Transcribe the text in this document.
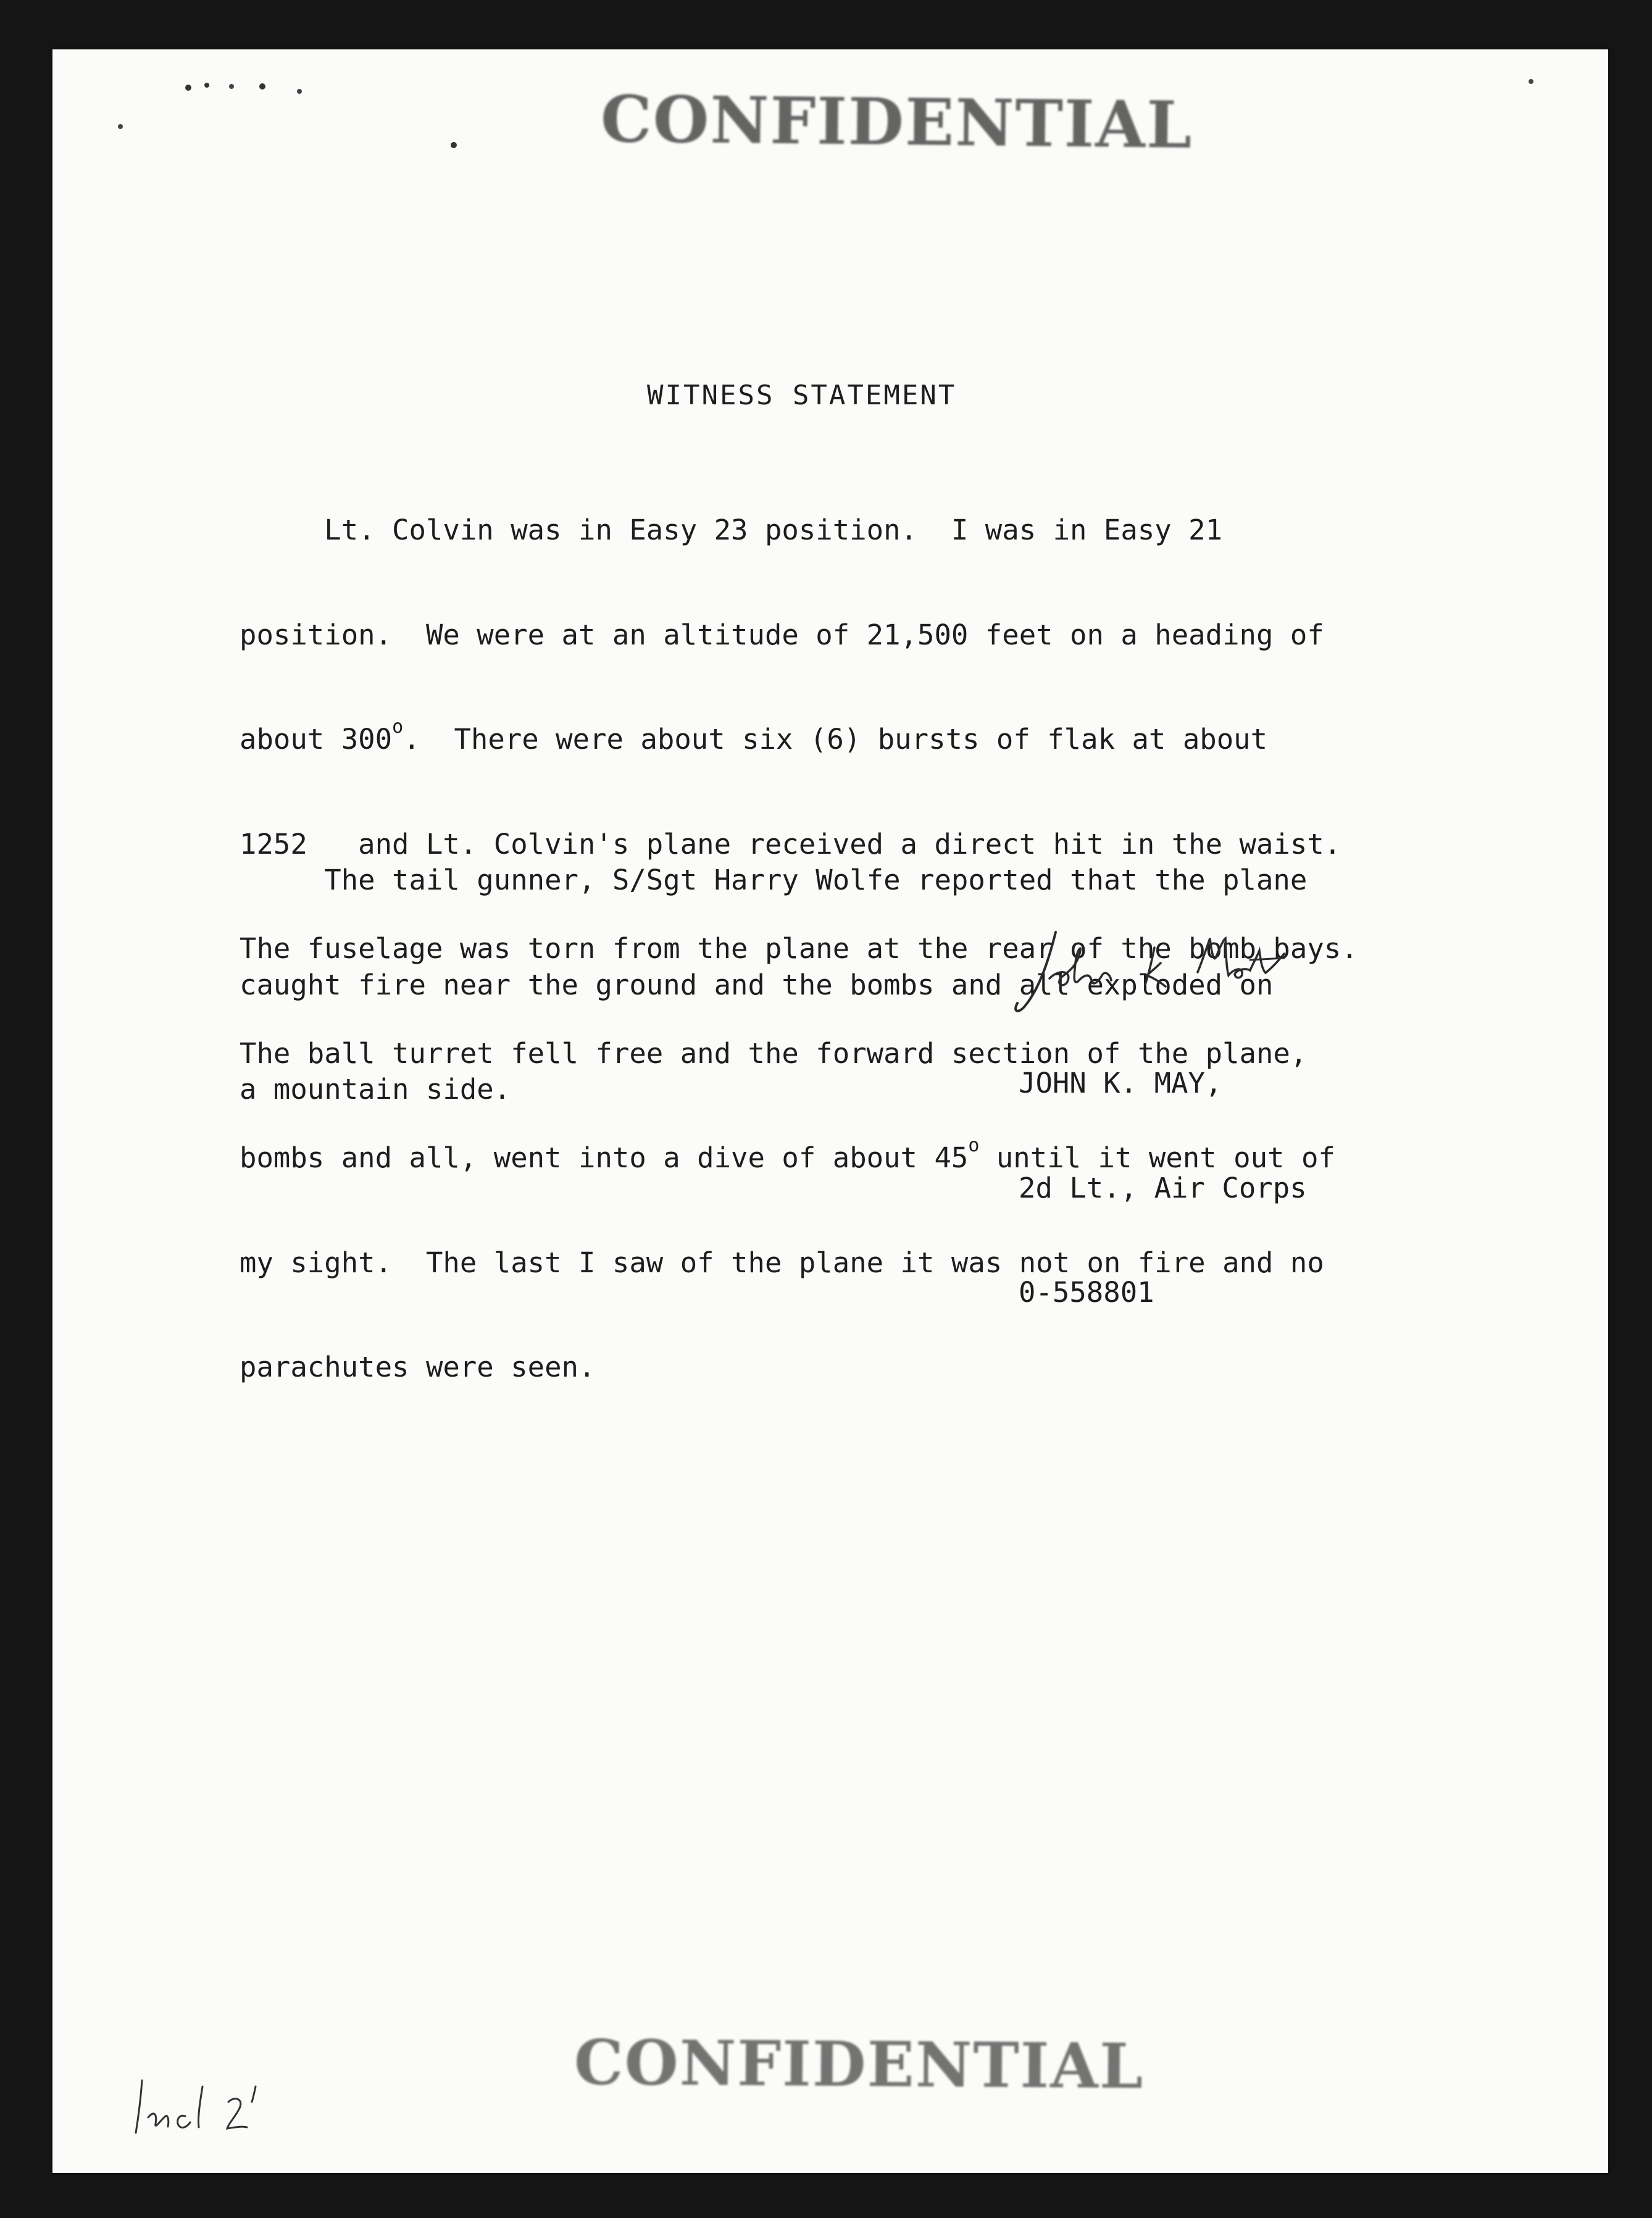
CONFIDENTIAL
WITNESS STATEMENT

Lt. Colvin was in Easy 23 position.  I was in Easy 21

position.  We were at an altitude of 21,500 feet on a heading of

about 300$^o$.  There were about six (6) bursts of flak at about

1252   and Lt. Colvin's plane received a direct hit in the waist.

The fuselage was torn from the plane at the rear of the bomb bays.

The ball turret fell free and the forward section of the plane,

bombs and all, went into a dive of about 45$^o$ until it went out of

my sight.  The last I saw of the plane it was not on fire and no

parachutes were seen.

The tail gunner, S/Sgt Harry Wolfe reported that the plane

caught fire near the ground and the bombs and all exploded on

a mountain side.

	JOHN K. MAY,

2d Lt., Air Corps

0-558801

CONFIDENTIAL
